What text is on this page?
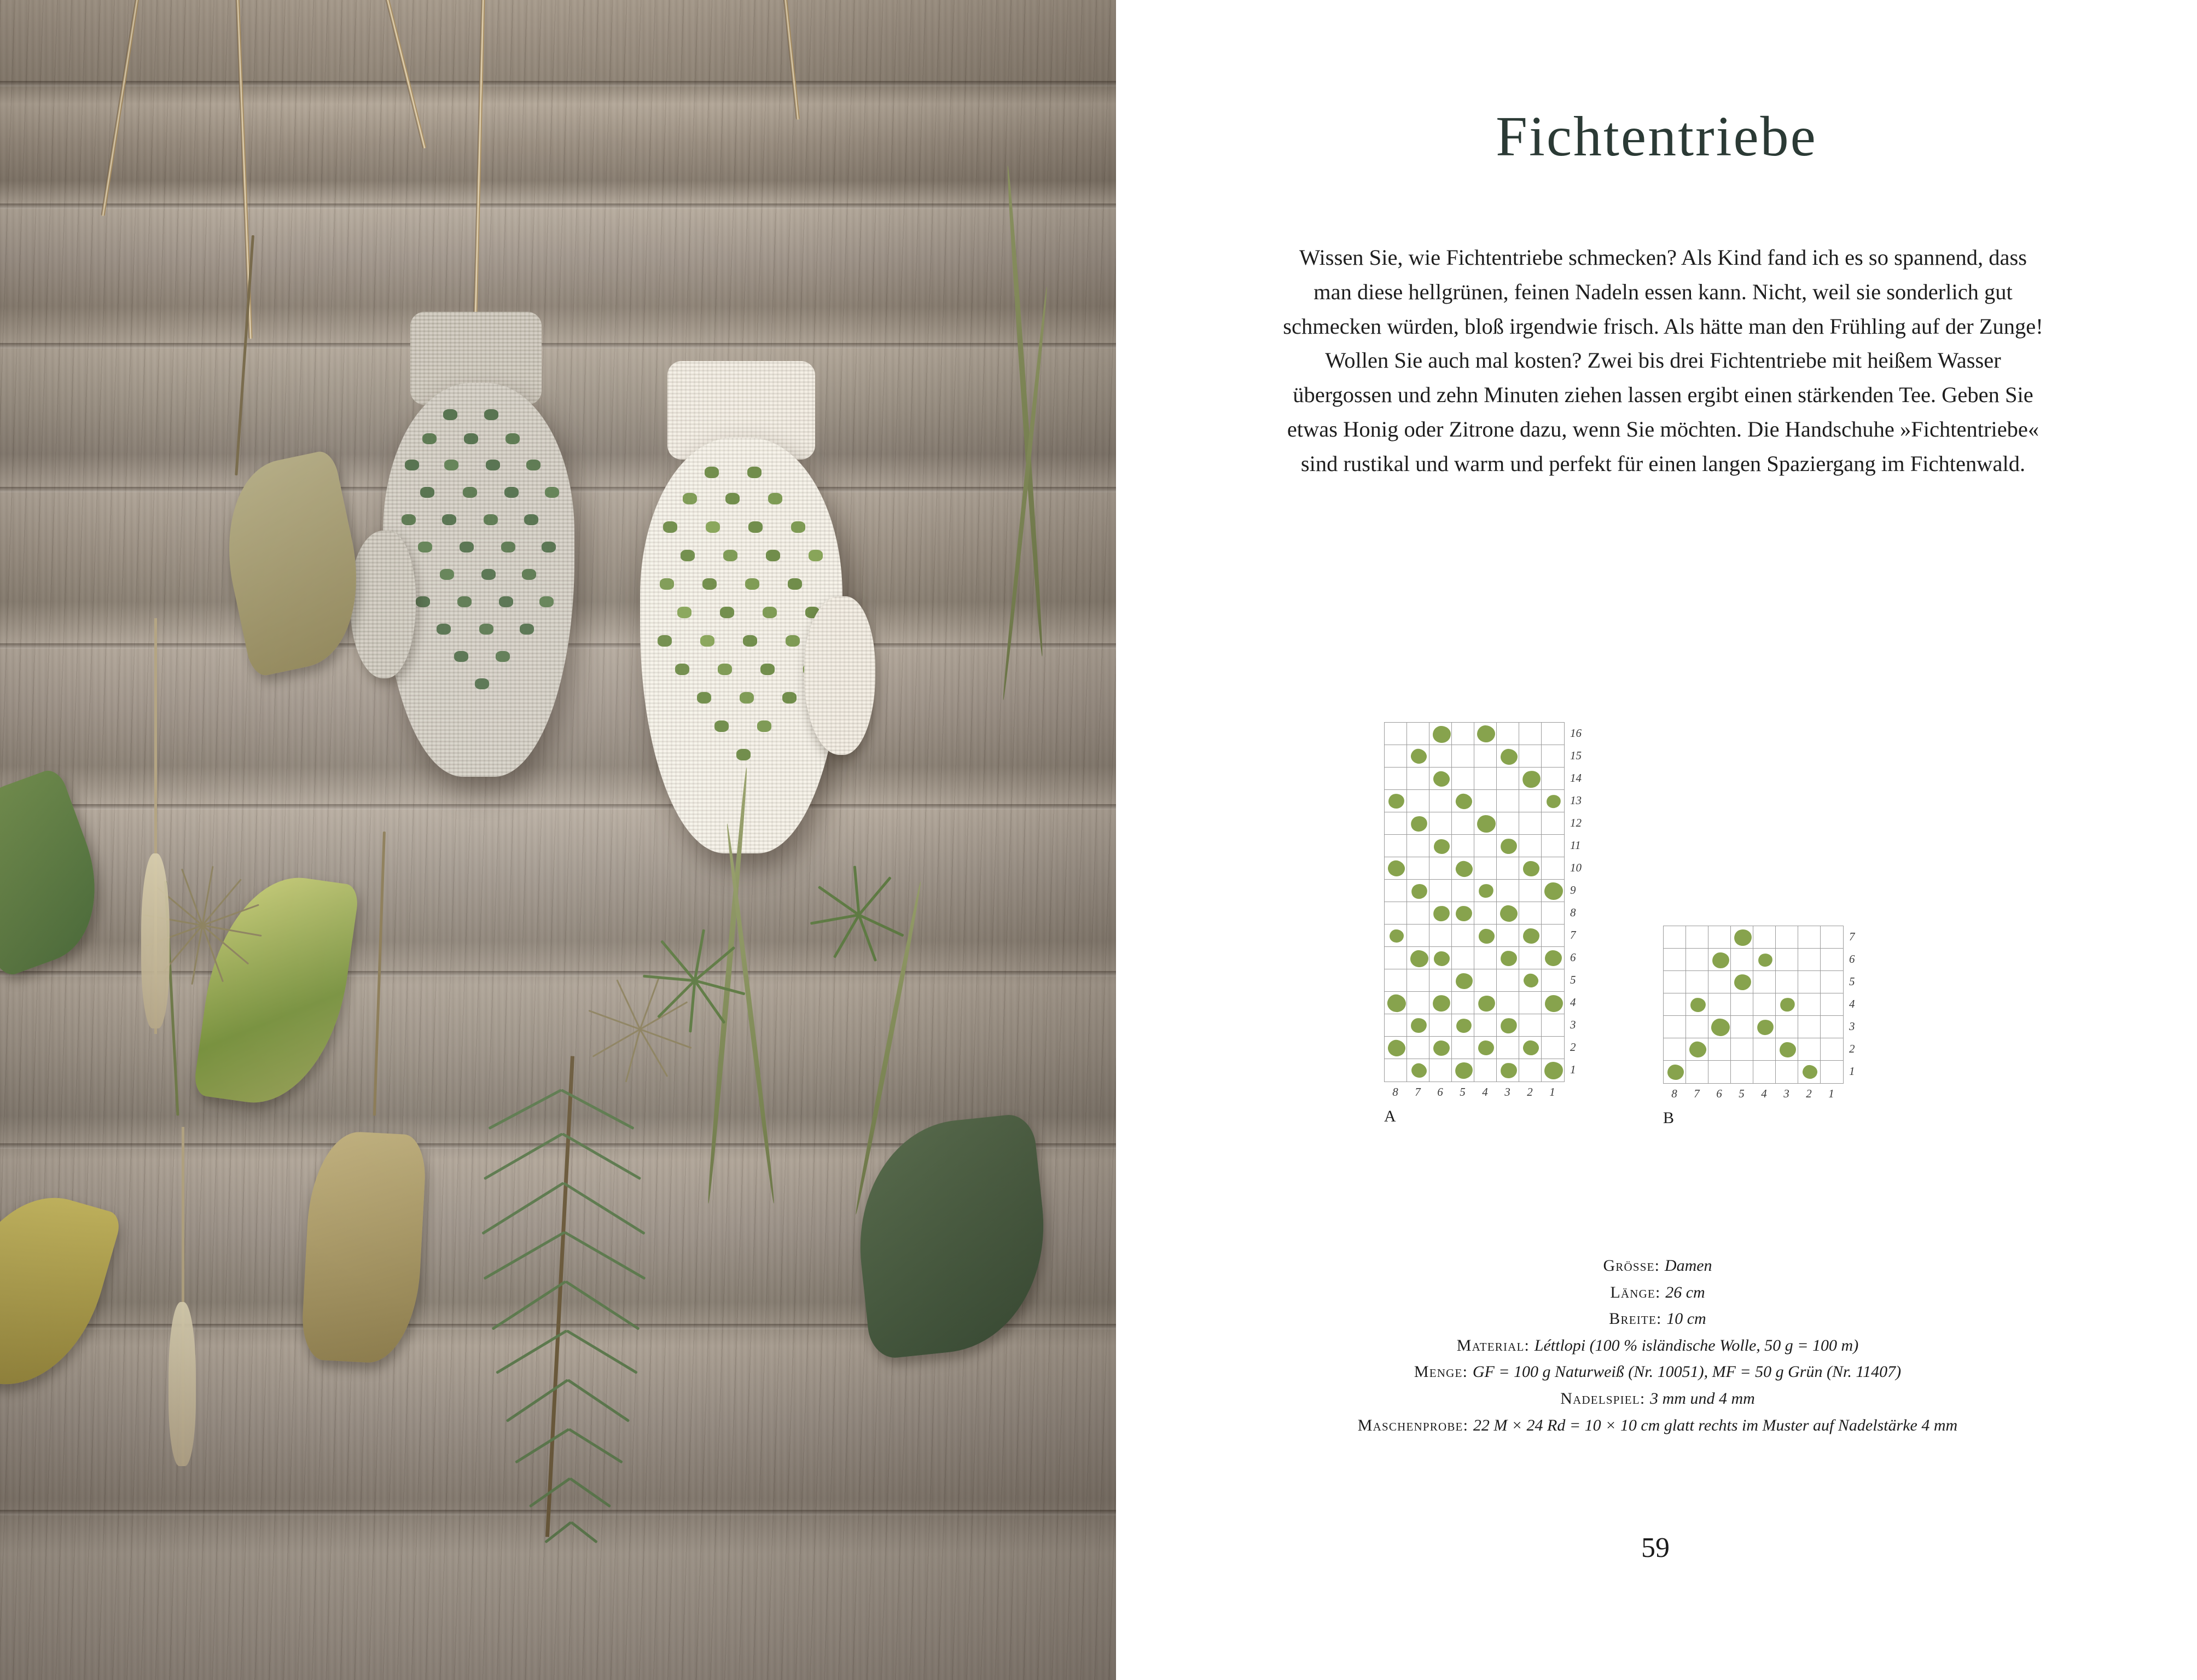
Fichtentriebe
Wissen Sie, wie Fichtentriebe schmecken? Als Kind fand ich es so spannend, dass man diese hellgrünen, feinen Nadeln essen kann. Nicht, weil sie sonderlich gut schmecken würden, bloß irgendwie frisch. Als hätte man den Frühling auf der Zunge! Wollen Sie auch mal kosten? Zwei bis drei Fichtentriebe mit heißem Wasser übergossen und zehn Minuten ziehen lassen ergibt einen stärkenden Tee. Geben Sie etwas Honig oder Zitrone dazu, wenn Sie möchten. Die Handschuhe »Fichtentriebe« sind rustikal und warm und perfekt für einen langen Spaziergang im Fichtenwald.
16
15
14
13
12
11
10
9
8
7
6
5
4
3
2
1
8	7	6	5	4	3	2	1
A
7
6
5
4
3
2
1
8	7	6	5	4	3	2	1
B
Grösse: Damen
Länge: 26 cm
Breite: 10 cm
Material: Léttlopi (100 % isländische Wolle, 50 g = 100 m)
Menge: GF = 100 g Naturweiß (Nr. 10051), MF = 50 g Grün (Nr. 11407)
Nadelspiel: 3 mm und 4 mm
Maschenprobe: 22 M × 24 Rd = 10 × 10 cm glatt rechts im Muster auf Nadelstärke 4 mm
59
